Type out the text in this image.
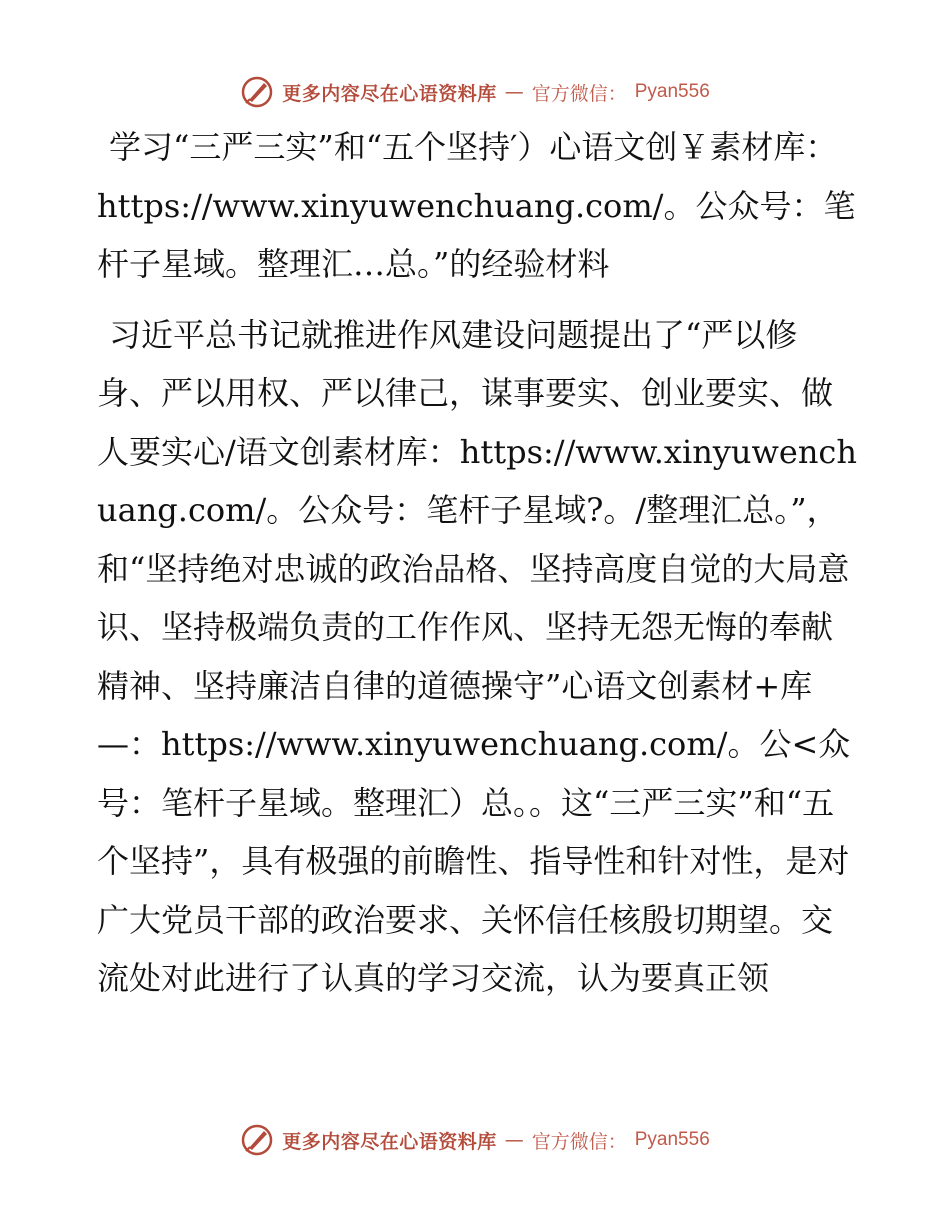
更多内容尽在心语资料库 — 官方微信： Pyan556

学习“三严三实”和“五个坚持′）心语文创￥素材库：https://www.xinyuwenchuang.com/。公众号：笔杆子星域。整理汇…总。”的经验材料

习近平总书记就推进作风建设问题提出了“严以修身、严以用权、严以律己，谋事要实、创业要实、做人要实心/语文创素材库：https://www.xinyuwenchuang.com/。公众号：笔杆子星域?。/整理汇总。”，和“坚持绝对忠诚的政治品格、坚持高度自觉的大局意识、坚持极端负责的工作作风、坚持无怨无悔的奉献精神、坚持廉洁自律的道德操守”心语文创素材+库—：https://www.xinyuwenchuang.com/。公<众号：笔杆子星域。整理汇）总。。这“三严三实”和“五个坚持”，具有极强的前瞻性、指导性和针对性，是对广大党员干部的政治要求、关怀信任核殷切期望。交流处对此进行了认真的学习交流，认为要真正领

更多内容尽在心语资料库 — 官方微信： Pyan556
